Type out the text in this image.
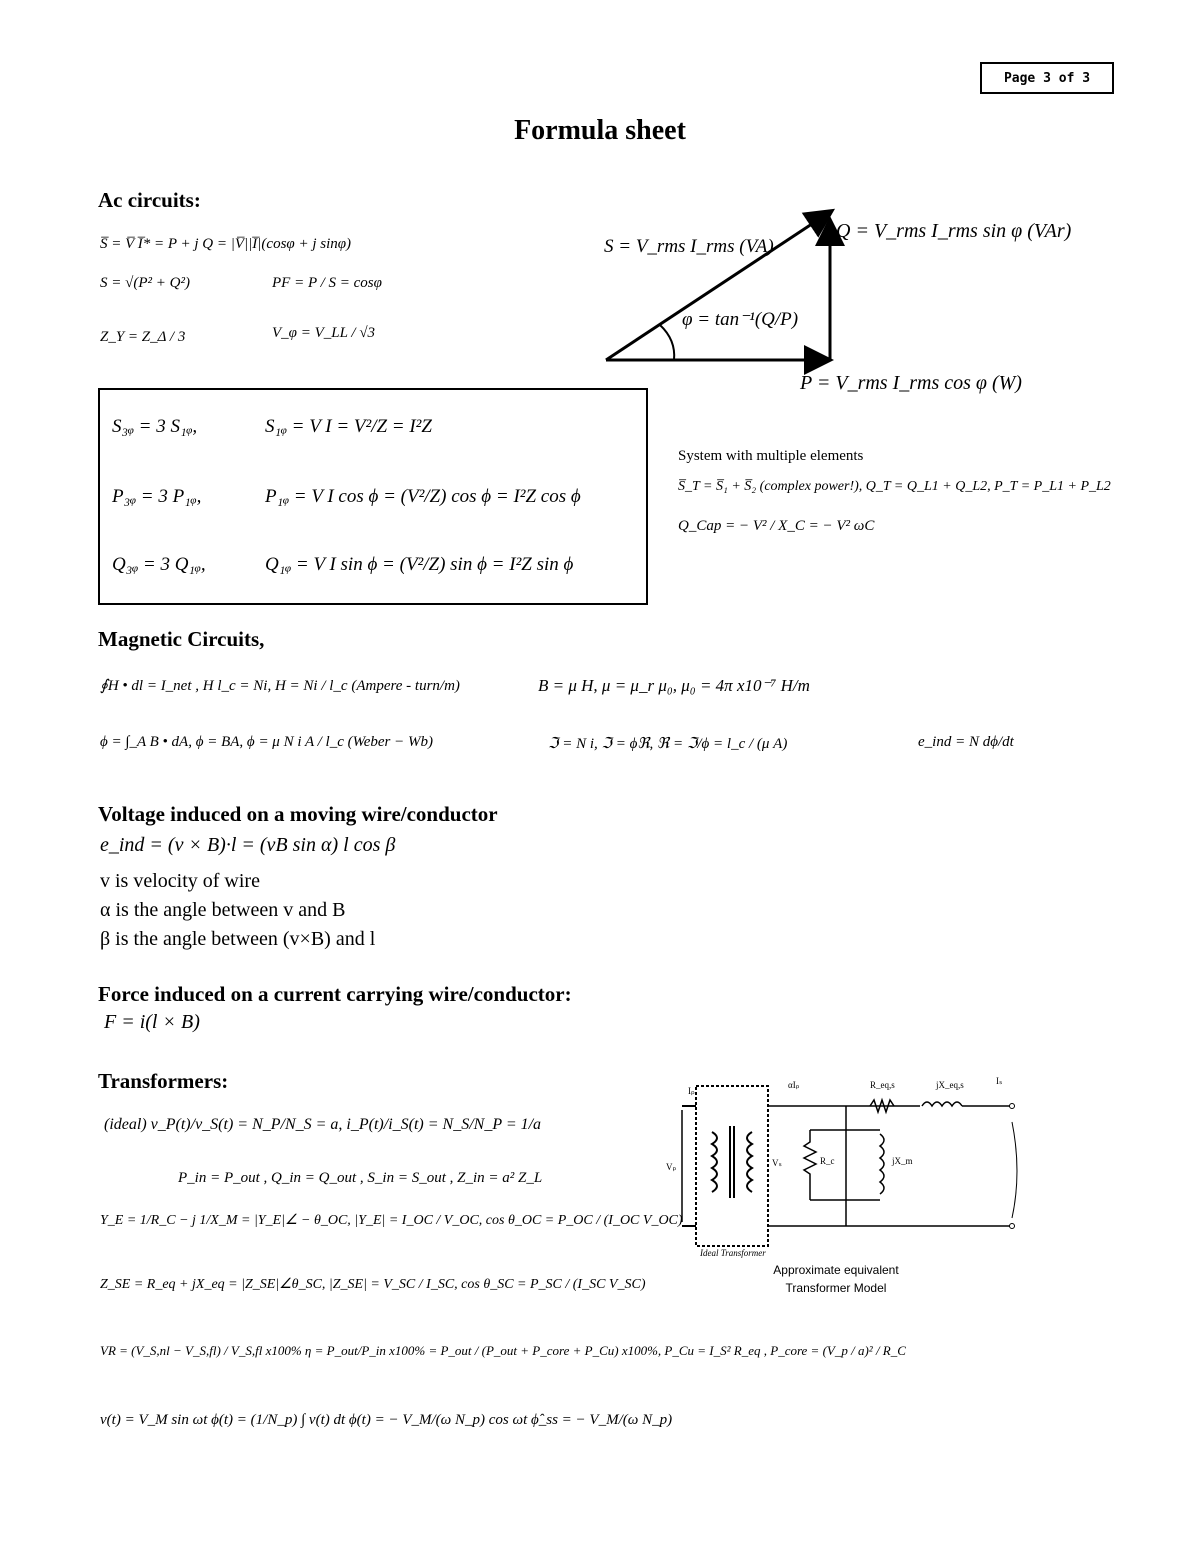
Page 3 of 3
Formula sheet
Ac circuits:
S̅ = V̅ I̅* = P + j Q = |V̅||I̅|(cosφ + j sinφ)
S = √(P² + Q²)	PF = P / S = cosφ
Z_Y = Z_Δ / 3	V_φ = V_LL / √3
S = V_rms I_rms (VA)
Q = V_rms I_rms sin φ (VAr)
P = V_rms I_rms cos φ (W)
φ = tan⁻¹(Q/P)
S₃ᵩ = 3 S₁ᵩ,	S₁ᵩ = V I = V²/Z = I²Z
P₃ᵩ = 3 P₁ᵩ,	P₁ᵩ = V I cos ϕ = (V²/Z) cos ϕ = I²Z cos ϕ
Q₃ᵩ = 3 Q₁ᵩ,	Q₁ᵩ = V I sin ϕ = (V²/Z) sin ϕ = I²Z sin ϕ
System with multiple elements
S̅_T = S̅₁ + S̅₂ (complex power!), Q_T = Q_L1 + Q_L2, P_T = P_L1 + P_L2
Q_Cap = − V² / X_C = − V² ωC
Magnetic Circuits,
∮H • dl = I_net , H l_c = Ni, H = Ni / l_c (Ampere - turn/m)	B = μ H, μ = μ_r μ₀, μ₀ = 4π x10⁻⁷ H/m
ϕ = ∫_A B • dA, ϕ = BA, ϕ = μ N i A / l_c (Weber − Wb)	ℑ = N i, ℑ = ϕℜ, ℜ = ℑ/ϕ = l_c / (μ A)	e_ind = N dϕ/dt
Voltage induced on a moving wire/conductor
e_ind = (v × B)·l = (vB sin α) l cos β
v is velocity of wire
α is the angle between v and B
β is the angle between (v×B) and l
Force induced on a current carrying wire/conductor:
F = i(l × B)
Transformers:
(ideal) v_P(t)/v_S(t) = N_P/N_S = a, i_P(t)/i_S(t) = N_S/N_P = 1/a
P_in = P_out , Q_in = Q_out , S_in = S_out , Z_in = a² Z_L
Y_E = 1/R_C − j 1/X_M = |Y_E|∠ − θ_OC, |Y_E| = I_OC / V_OC, cos θ_OC = P_OC / (I_OC V_OC)
Z_SE = R_eq + jX_eq = |Z_SE|∠θ_SC, |Z_SE| = V_SC / I_SC, cos θ_SC = P_SC / (I_SC V_SC)
VR = (V_S,nl − V_S,fl) / V_S,fl x100% η = P_out/P_in x100% = P_out / (P_out + P_core + P_Cu) x100%, P_Cu = I_S² R_eq , P_core = (V_p / a)² / R_C
v(t) = V_M sin ωt ϕ(t) = (1/N_p) ∫ v(t) dt ϕ(t) = − V_M/(ω N_p) cos ωt ϕ̂_ss = − V_M/(ω N_p)
Iₚ
αIₚ	R_eq,s	jX_eq,s	Iₛ
Vₚ	Vₛ	R_c	jX_m
Ideal Transformer
Approximate equivalent
Transformer Model
